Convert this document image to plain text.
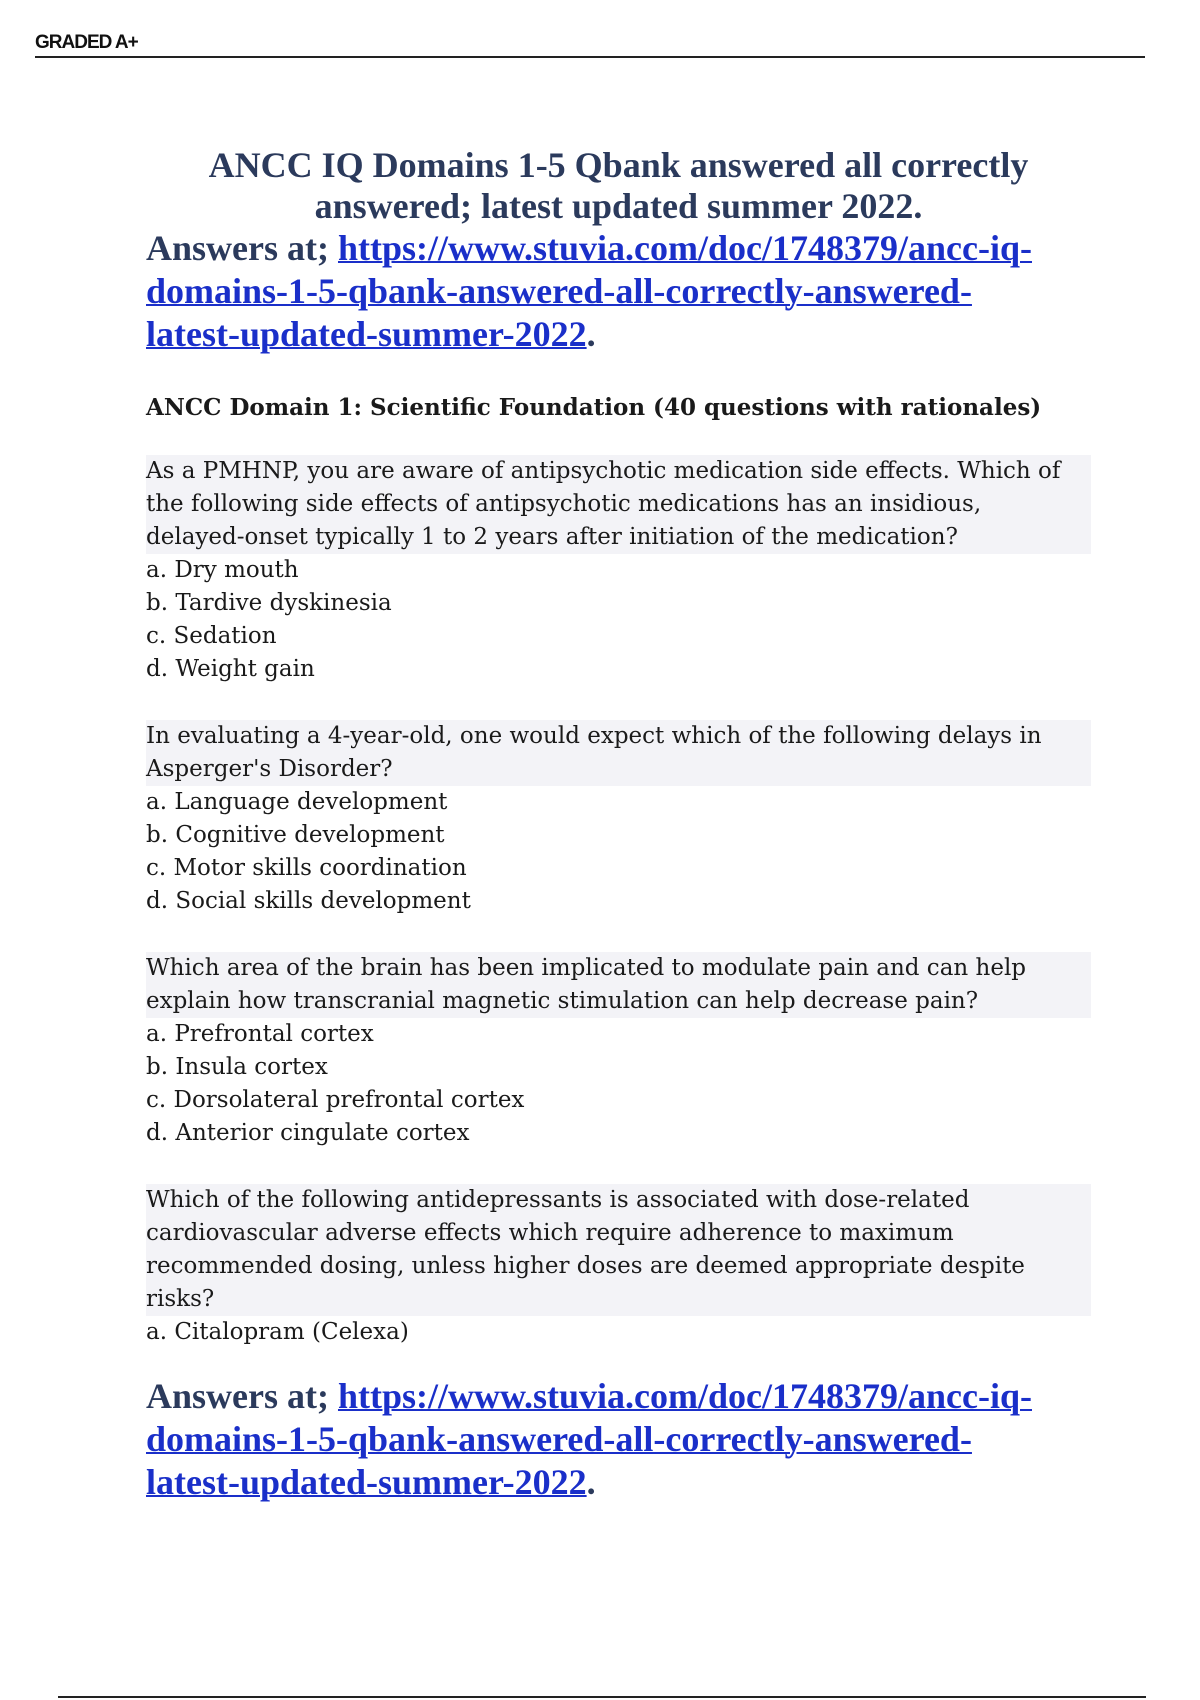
GRADED A+
ANCC IQ Domains 1-5 Qbank answered all correctly
answered; latest updated summer 2022.

Answers at; https://www.stuvia.com/doc/1748379/ancc-iq-
domains-1-5-qbank-answered-all-correctly-answered-
latest-updated-summer-2022.

ANCC Domain 1: Scientific Foundation (40 questions with rationales)

As a PMHNP, you are aware of antipsychotic medication side effects. Which of
the following side effects of antipsychotic medications has an insidious,
delayed-onset typically 1 to 2 years after initiation of the medication?

a. Dry mouth

b. Tardive dyskinesia

c. Sedation

d. Weight gain

In evaluating a 4-year-old, one would expect which of the following delays in
Asperger's Disorder?

a. Language development

b. Cognitive development

c. Motor skills coordination

d. Social skills development

Which area of the brain has been implicated to modulate pain and can help
explain how transcranial magnetic stimulation can help decrease pain?

a. Prefrontal cortex

b. Insula cortex

c. Dorsolateral prefrontal cortex

d. Anterior cingulate cortex

Which of the following antidepressants is associated with dose-related
cardiovascular adverse effects which require adherence to maximum
recommended dosing, unless higher doses are deemed appropriate despite
risks?

a. Citalopram (Celexa)

Answers at; https://www.stuvia.com/doc/1748379/ancc-iq-
domains-1-5-qbank-answered-all-correctly-answered-
latest-updated-summer-2022.
